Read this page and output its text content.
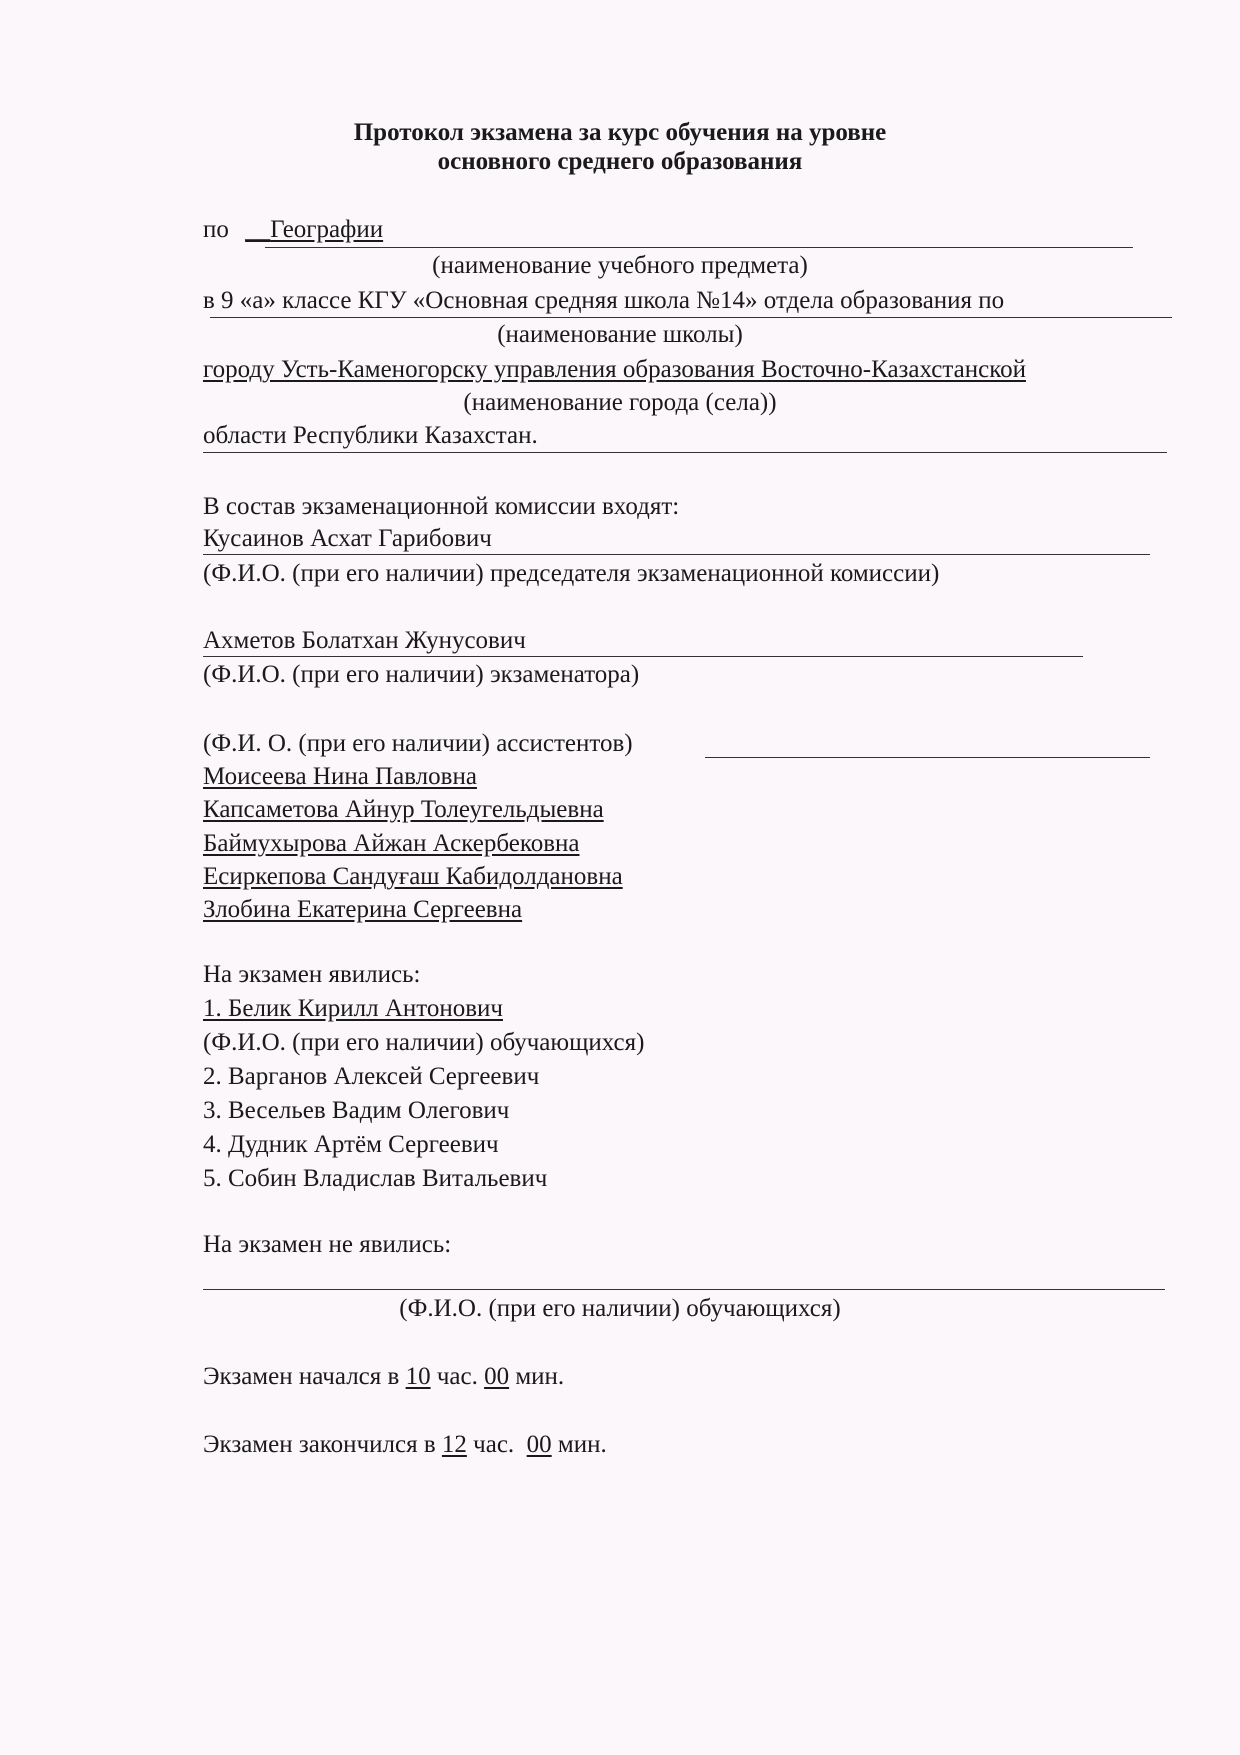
Протокол экзамена за курс обучения на уровне
основного среднего образования
по __Географии
(наименование учебного предмета)
в 9 «а» классе КГУ «Основная средняя школа №14» отдела образования по
(наименование школы)
городу Усть-Каменогорску управления образования Восточно-Казахстанской
(наименование города (села))
области Республики Казахстан.
В состав экзаменационной комиссии входят:
Кусаинов Асхат Гарибович
(Ф.И.О. (при его наличии) председателя экзаменационной комиссии)
Ахметов Болатхан Жунусович
(Ф.И.О. (при его наличии) экзаменатора)
(Ф.И. О. (при его наличии) ассистентов)
Моисеева Нина Павловна
Капсаметова Айнур Толеугельдыевна
Баймухырова Айжан Аскербековна
Есиркепова Сандуғаш Кабидолдановна
Злобина Екатерина Сергеевна
На экзамен явились:
1. Белик Кирилл Антонович
(Ф.И.О. (при его наличии) обучающихся)
2. Варганов Алексей Сергеевич
3. Весельев Вадим Олегович
4. Дудник Артём Сергеевич
5. Собин Владислав Витальевич
На экзамен не явились:
(Ф.И.О. (при его наличии) обучающихся)
Экзамен начался в 10 час. 00 мин.
Экзамен закончился в 12 час. 00 мин.
